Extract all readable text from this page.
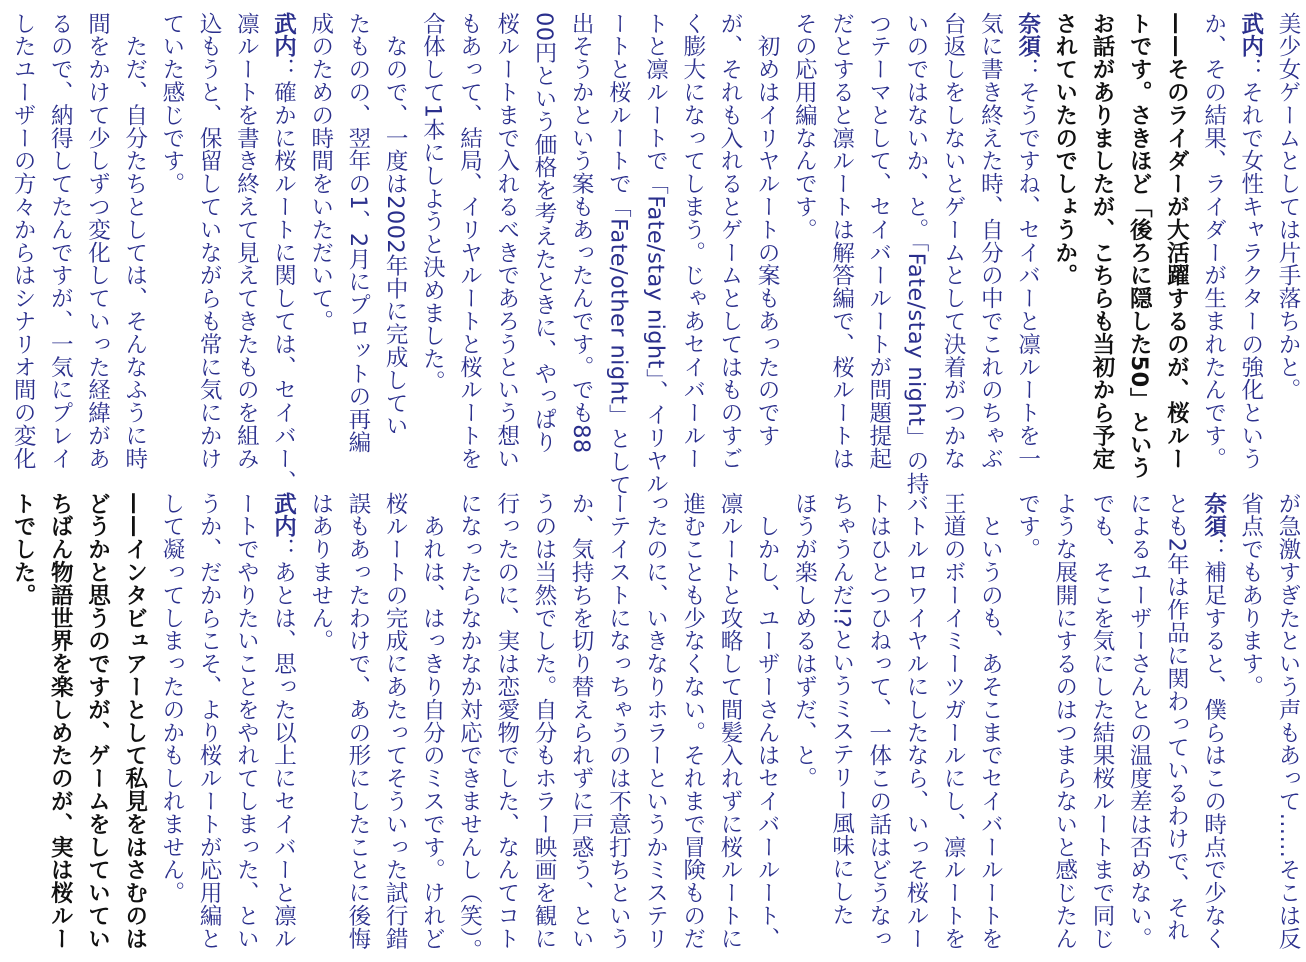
美少女ゲームとしては片手落ちかと。
武内：それで女性キャラクターの強化という
か、その結果、ライダーが生まれたんです。
——そのライダーが大活躍するのが、桜ルー
トです。さきほど「後ろに隠した50」という
お話がありましたが、こちらも当初から予定
されていたのでしょうか。
奈須：そうですね、セイバーと凛ルートを一
気に書き終えた時、自分の中でこれのちゃぶ
台返しをしないとゲームとして決着がつかな
いのではないか、と。「Fate/stay night」の持
つテーマとして、セイバールートが問題提起
だとすると凛ルートは解答編で、桜ルートは
その応用編なんです。
　初めはイリヤルートの案もあったのです
が、それも入れるとゲームとしてはものすご
く膨大になってしまう。じゃあセイバールー
トと凛ルートで「Fate/stay night」、イリヤル
ートと桜ルートで「Fate/other night」として
出そうかという案もあったんです。でも88
00円という価格を考えたときに、やっぱり
桜ルートまで入れるべきであろうという想い
もあって、結局、イリヤルートと桜ルートを
合体して1本にしようと決めました。
　なので、一度は2002年中に完成してい
たものの、翌年の1、2月にプロットの再編
成のための時間をいただいて。
武内：確かに桜ルートに関しては、セイバー、
凛ルートを書き終えて見えてきたものを組み
込もうと、保留していながらも常に気にかけ
ていた感じです。
　ただ、自分たちとしては、そんなふうに時
間をかけて少しずつ変化していった経緯があ
るので、納得してたんですが、一気にプレイ
したユーザーの方々からはシナリオ間の変化
が急激すぎたという声もあって……そこは反
省点でもあります。
奈須：補足すると、僕らはこの時点で少なく
とも2年は作品に関わっているわけで、それ
によるユーザーさんとの温度差は否めない。
でも、そこを気にした結果桜ルートまで同じ
ような展開にするのはつまらないと感じたん
です。
　というのも、あそこまでセイバールートを
王道のボーイミーツガールにし、凛ルートを
バトルロワイヤルにしたなら、いっそ桜ルー
トはひとつひねって、一体この話はどうなっ
ちゃうんだ!?というミステリー風味にした
ほうが楽しめるはずだ、と。
　しかし、ユーザーさんはセイバールート、
凛ルートと攻略して間髪入れずに桜ルートに
進むことも少なくない。それまで冒険ものだ
ったのに、いきなりホラーというかミステリ
ーテイストになっちゃうのは不意打ちという
か、気持ちを切り替えられずに戸惑う、とい
うのは当然でした。自分もホラー映画を観に
行ったのに、実は恋愛物でした、なんてコト
になったらなかなか対応できませんし（笑）。
　あれは、はっきり自分のミスです。けれど
桜ルートの完成にあたってそういった試行錯
誤もあったわけで、あの形にしたことに後悔
はありません。
武内：あとは、思った以上にセイバーと凛ル
ートでやりたいことをやれてしまった、とい
うか、だからこそ、より桜ルートが応用編と
して凝ってしまったのかもしれません。
——インタビュアーとして私見をはさむのは
どうかと思うのですが、ゲームをしていてい
ちばん物語世界を楽しめたのが、実は桜ルー
トでした。
